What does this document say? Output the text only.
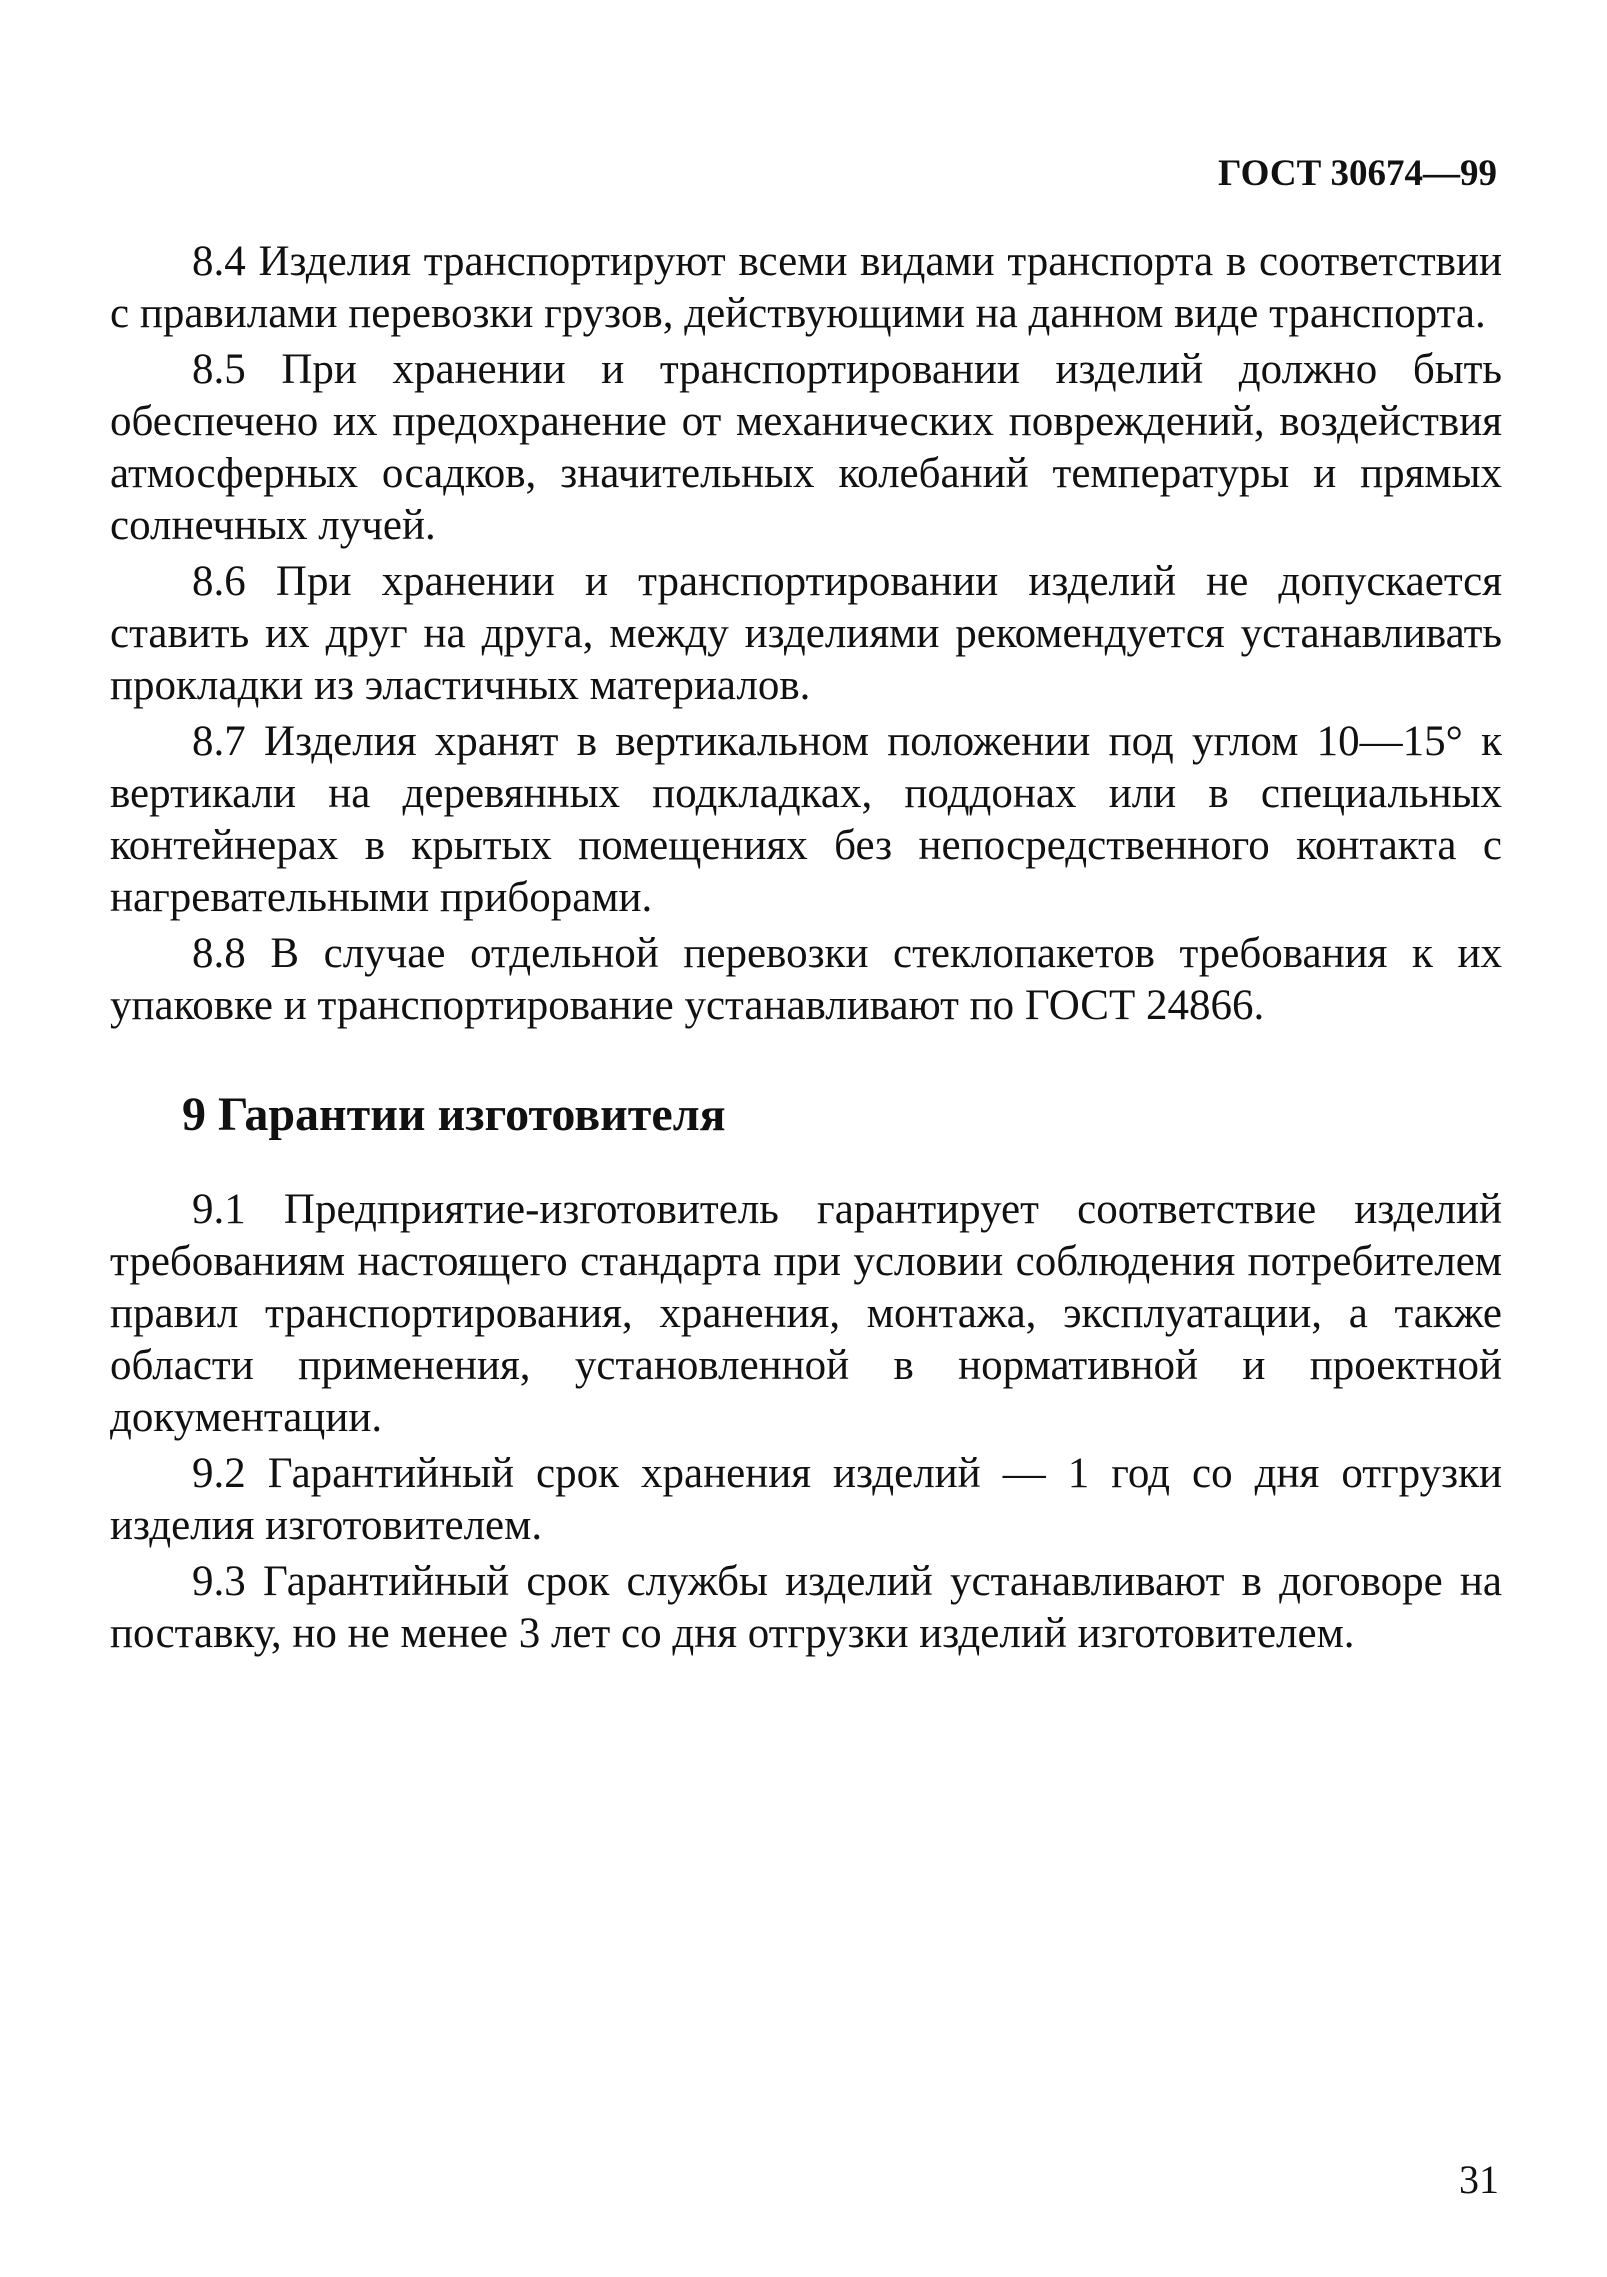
ГОСТ 30674—99

8.4 Изделия транспортируют всеми видами транспорта в соответствии с правилами перевозки грузов, действующими на данном виде транспорта.

8.5 При хранении и транспортировании изделий должно быть обеспечено их предохранение от механических повреждений, воздействия атмосферных осадков, значительных колебаний температуры и прямых солнечных лучей.

8.6 При хранении и транспортировании изделий не допускается ставить их друг на друга, между изделиями рекомендуется устанавливать прокладки из эластичных материалов.

8.7 Изделия хранят в вертикальном положении под углом 10—15° к вертикали на деревянных подкладках, поддонах или в специальных контейнерах в крытых помещениях без непосредственного контакта с нагревательными приборами.

8.8 В случае отдельной перевозки стеклопакетов требования к их упаковке и транспортирование устанавливают по ГОСТ 24866.

9 Гарантии изготовителя

9.1 Предприятие-изготовитель гарантирует соответствие изделий требованиям настоящего стандарта при условии соблюдения потребителем правил транспортирования, хранения, монтажа, эксплуатации, а также области применения, установленной в нормативной и проектной документации.

9.2 Гарантийный срок хранения изделий — 1 год со дня отгрузки изделия изготовителем.

9.3 Гарантийный срок службы изделий устанавливают в договоре на поставку, но не менее 3 лет со дня отгрузки изделий изготовителем.

31
